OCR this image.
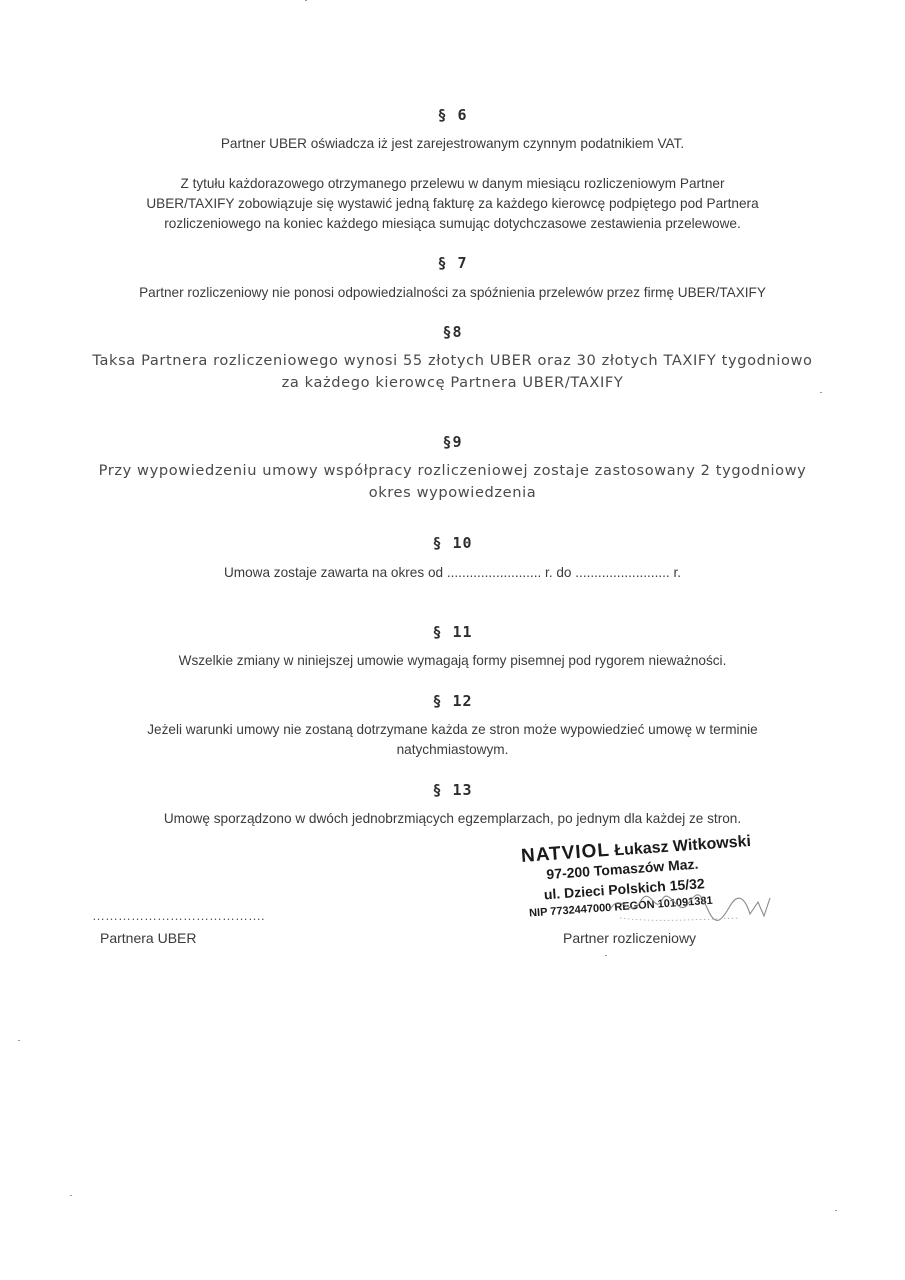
§ 6
Partner UBER oświadcza iż jest zarejestrowanym czynnym podatnikiem VAT.
Z tytułu każdorazowego otrzymanego przelewu w danym miesiącu rozliczeniowym Partner
UBER/TAXIFY zobowiązuje się wystawić jedną fakturę za każdego kierowcę podpiętego pod Partnera
rozliczeniowego na koniec każdego miesiąca sumując dotychczasowe zestawienia przelewowe.
§ 7
Partner rozliczeniowy nie ponosi odpowiedzialności za spóźnienia przelewów przez firmę UBER/TAXIFY
§8
Taksa Partnera rozliczeniowego wynosi 55 złotych UBER oraz 30 złotych TAXIFY tygodniowo
za każdego kierowcę Partnera UBER/TAXIFY
§9
Przy wypowiedzeniu umowy współpracy rozliczeniowej zostaje zastosowany 2 tygodniowy
okres wypowiedzenia
§ 10
Umowa zostaje zawarta na okres od ......................... r. do ......................... r.
§ 11
Wszelkie zmiany w niniejszej umowie wymagają formy pisemnej pod rygorem nieważności.
§ 12
Jeżeli warunki umowy nie zostaną dotrzymane każda ze stron może wypowiedzieć umowę w terminie
natychmiastowym.
§ 13
Umowę sporządzono w dwóch jednobrzmiących egzemplarzach, po jednym dla każdej ze stron.
NATVIOL Łukasz Witkowski
97-200 Tomaszów Maz.
ul. Dzieci Polskich 15/32
NIP 7732447000 REGON 101091381
………………………………….
Partnera UBER	Partner rozliczeniowy
